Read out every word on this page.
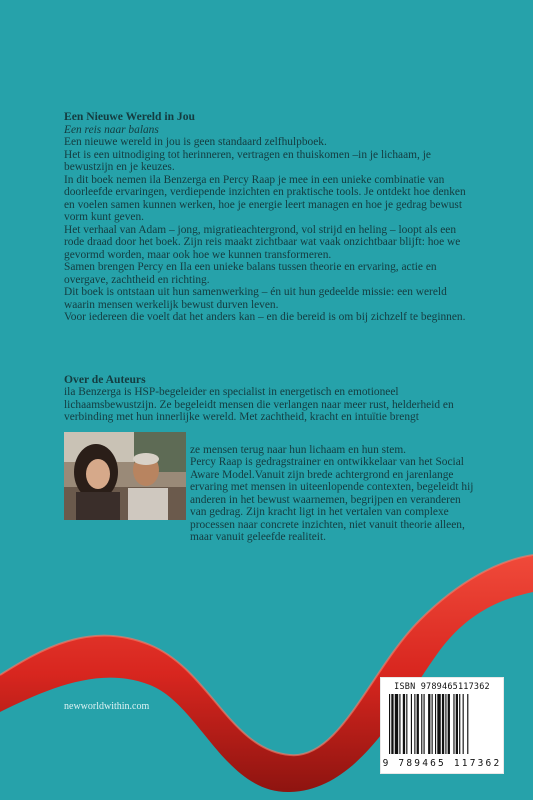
Een Nieuwe Wereld in Jou

Een reis naar balans

Een nieuwe wereld in jou is geen standaard zelfhulpboek.

Het is een uitnodiging tot herinneren, vertragen en thuiskomen –in je lichaam, je bewustzijn en je keuzes.

In dit boek nemen ila Benzerga en Percy Raap je mee in een unieke combinatie van doorleefde ervaringen, verdiepende inzichten en praktische tools. Je ontdekt hoe denken en voelen samen kunnen werken, hoe je energie leert managen en hoe je gedrag bewust vorm kunt geven.

Het verhaal van Adam – jong, migratieachtergrond, vol strijd en heling – loopt als een rode draad door het boek. Zijn reis maakt zichtbaar wat vaak onzichtbaar blijft: hoe we gevormd worden, maar ook hoe we kunnen transformeren.

Samen brengen Percy en Ila een unieke balans tussen theorie en ervaring, actie en overgave, zachtheid en richting.

Dit boek is ontstaan uit hun samenwerking – én uit hun gedeelde missie: een wereld waarin mensen werkelijk bewust durven leven.

Voor iedereen die voelt dat het anders kan – en die bereid is om bij zichzelf te beginnen.

Over de Auteurs

ila Benzerga is HSP-begeleider en specialist in energetisch en emotioneel lichaamsbewustzijn. Ze begeleidt mensen die verlangen naar meer rust, helderheid en verbinding met hun innerlijke wereld. Met zachtheid, kracht en intuïtie brengt

ze mensen terug naar hun lichaam en hun stem.

Percy Raap is gedragstrainer en ontwikkelaar van het Social Aware Model.Vanuit zijn brede achtergrond en jarenlange ervaring met mensen in uiteenlopende contexten, begeleidt hij anderen in het bewust waarnemen, begrijpen en veranderen van gedrag. Zijn kracht ligt in het vertalen van complexe processen naar concrete inzichten, niet vanuit theorie alleen, maar vanuit geleefde realiteit.

newworldwithin.com
ISBN 9789465117362
9 789465 117362
